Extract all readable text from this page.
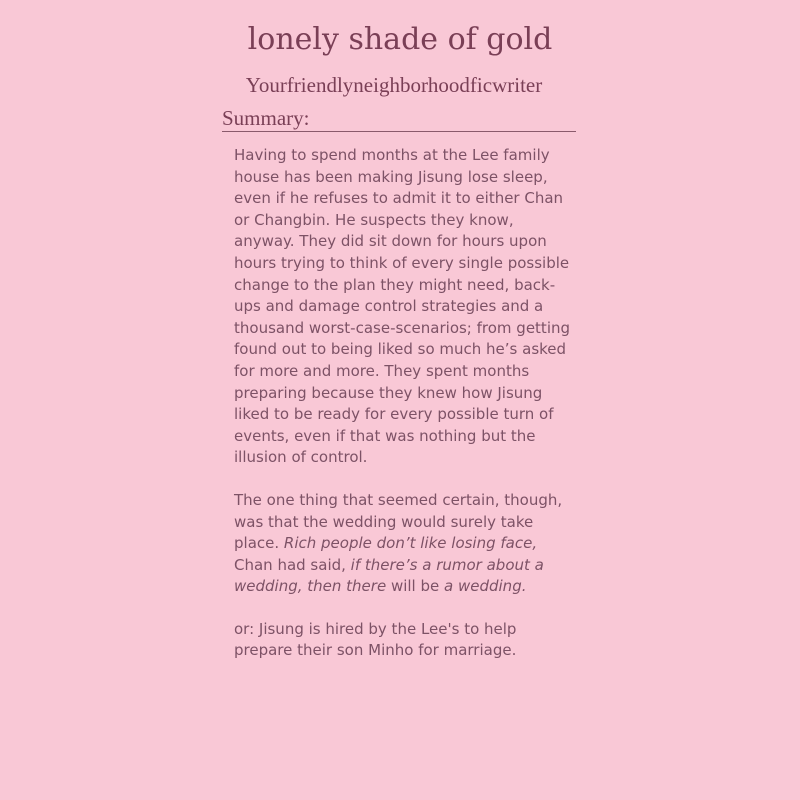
lonely shade of gold
Yourfriendlyneighborhoodficwriter
Summary:

Having to spend months at the Lee family house has been making Jisung lose sleep, even if he refuses to admit it to either Chan or Changbin. He suspects they know, anyway. They did sit down for hours upon hours trying to think of every single possible change to the plan they might need, back-ups and damage control strategies and a thousand worst-case-scenarios; from getting found out to being liked so much he’s asked for more and more. They spent months preparing because they knew how Jisung liked to be ready for every possible turn of events, even if that was nothing but the illusion of control.

The one thing that seemed certain, though, was that the wedding would surely take place. Rich people don’t like losing face, Chan had said, if there’s a rumor about a wedding, then there will be a wedding.

or: Jisung is hired by the Lee's to help prepare their son Minho for marriage.
